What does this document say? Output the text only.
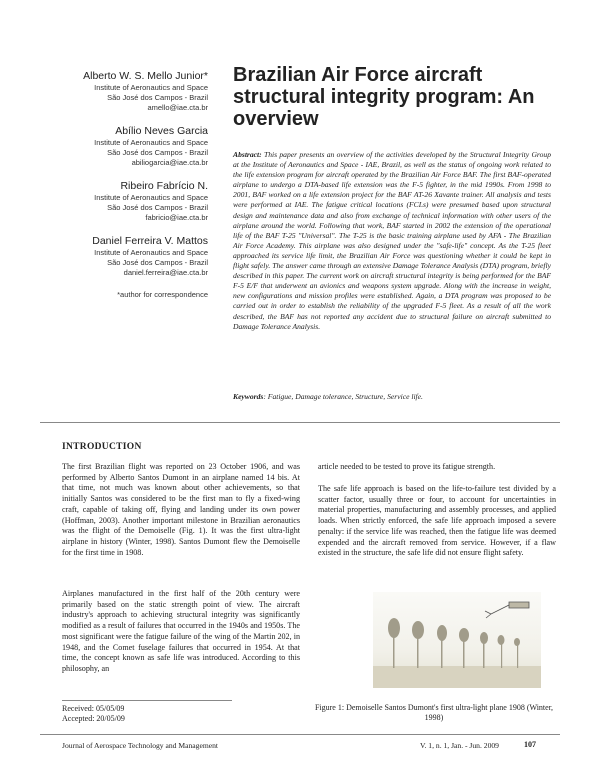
Alberto W. S. Mello Junior*
Institute of Aeronautics and Space
São José dos Campos - Brazil
amello@iae.cta.br
Abílio Neves Garcia
Institute of Aeronautics and Space
São José dos Campos - Brazil
abiliogarcia@iae.cta.br
Ribeiro Fabrício N.
Institute of Aeronautics and Space
São José dos Campos - Brazil
fabricio@iae.cta.br
Daniel Ferreira V. Mattos
Institute of Aeronautics and Space
São José dos Campos - Brazil
daniel.ferreira@iae.cta.br
*author for correspondence
Brazilian Air Force aircraft structural integrity program: An overview

Abstract: This paper presents an overview of the activities developed by the Structural Integrity Group at the Institute of Aeronautics and Space - IAE, Brazil, as well as the status of ongoing work related to the life extension program for aircraft operated by the Brazilian Air Force BAF. The first BAF-operated airplane to undergo a DTA-based life extension was the F-5 fighter, in the mid 1990s. From 1998 to 2001, BAF worked on a life extension project for the BAF AT-26 Xavante trainer. All analysis and tests were performed at IAE. The fatigue critical locations (FCLs) were presumed based upon structural design and maintenance data and also from exchange of technical information with other users of the airplane around the world. Following that work, BAF started in 2002 the extension of the operational life of the BAF T-25 "Universal". The T-25 is the basic training airplane used by AFA - The Brazilian Air Force Academy. This airplane was also designed under the "safe-life" concept. As the T-25 fleet approached its service life limit, the Brazilian Air Force was questioning whether it could be kept in flight safely. The answer came through an extensive Damage Tolerance Analysis (DTA) program, briefly described in this paper. The current work on aircraft structural integrity is being performed for the BAF F-5 E/F that underwent an avionics and weapons system upgrade. Along with the increase in weight, new configurations and mission profiles were established. Again, a DTA program was proposed to be carried out in order to establish the reliability of the upgraded F-5 fleet. As a result of all the work described, the BAF has not reported any accident due to structural failure on aircraft submitted to Damage Tolerance Analysis.

Keywords: Fatigue, Damage tolerance, Structure, Service life.

INTRODUCTION

The first Brazilian flight was reported on 23 October 1906, and was performed by Alberto Santos Dumont in an airplane named 14 bis. At that time, not much was known about other achievements, so that initially Santos was considered to be the first man to fly a fixed-wing craft, capable of taking off, flying and landing under its own power (Hoffman, 2003). Another important milestone in Brazilian aeronautics was the flight of the Demoiselle (Fig. 1). It was the first ultra-light airplane in history (Winter, 1998). Santos Dumont flew the Demoiselle for the first time in 1908.

Airplanes manufactured in the first half of the 20th century were primarily based on the static strength point of view. The aircraft industry's approach to achieving structural integrity was significantly modified as a result of failures that occurred in the 1940s and 1950s. The most significant were the fatigue failure of the wing of the Martin 202, in 1948, and the Comet fuselage failures that occurred in 1954. At that time, the concept known as safe life was introduced. According to this philosophy, an

article needed to be tested to prove its fatigue strength.

The safe life approach is based on the life-to-failure test divided by a scatter factor, usually three or four, to account for uncertainties in material properties, manufacturing and assembly processes, and applied loads. When strictly enforced, the safe life approach imposed a severe penalty: if the service life was reached, then the fatigue life was deemed expended and the aircraft removed from service. However, if a flaw existed in the structure, the safe life did not ensure flight safety.

Figure 1: Demoiselle Santos Dumont's first ultra-light plane 1908 (Winter, 1998)

Received: 05/05/09
Accepted: 20/05/09
Journal of Aerospace Technology and Management	V. 1, n. 1, Jan. - Jun. 2009	107
